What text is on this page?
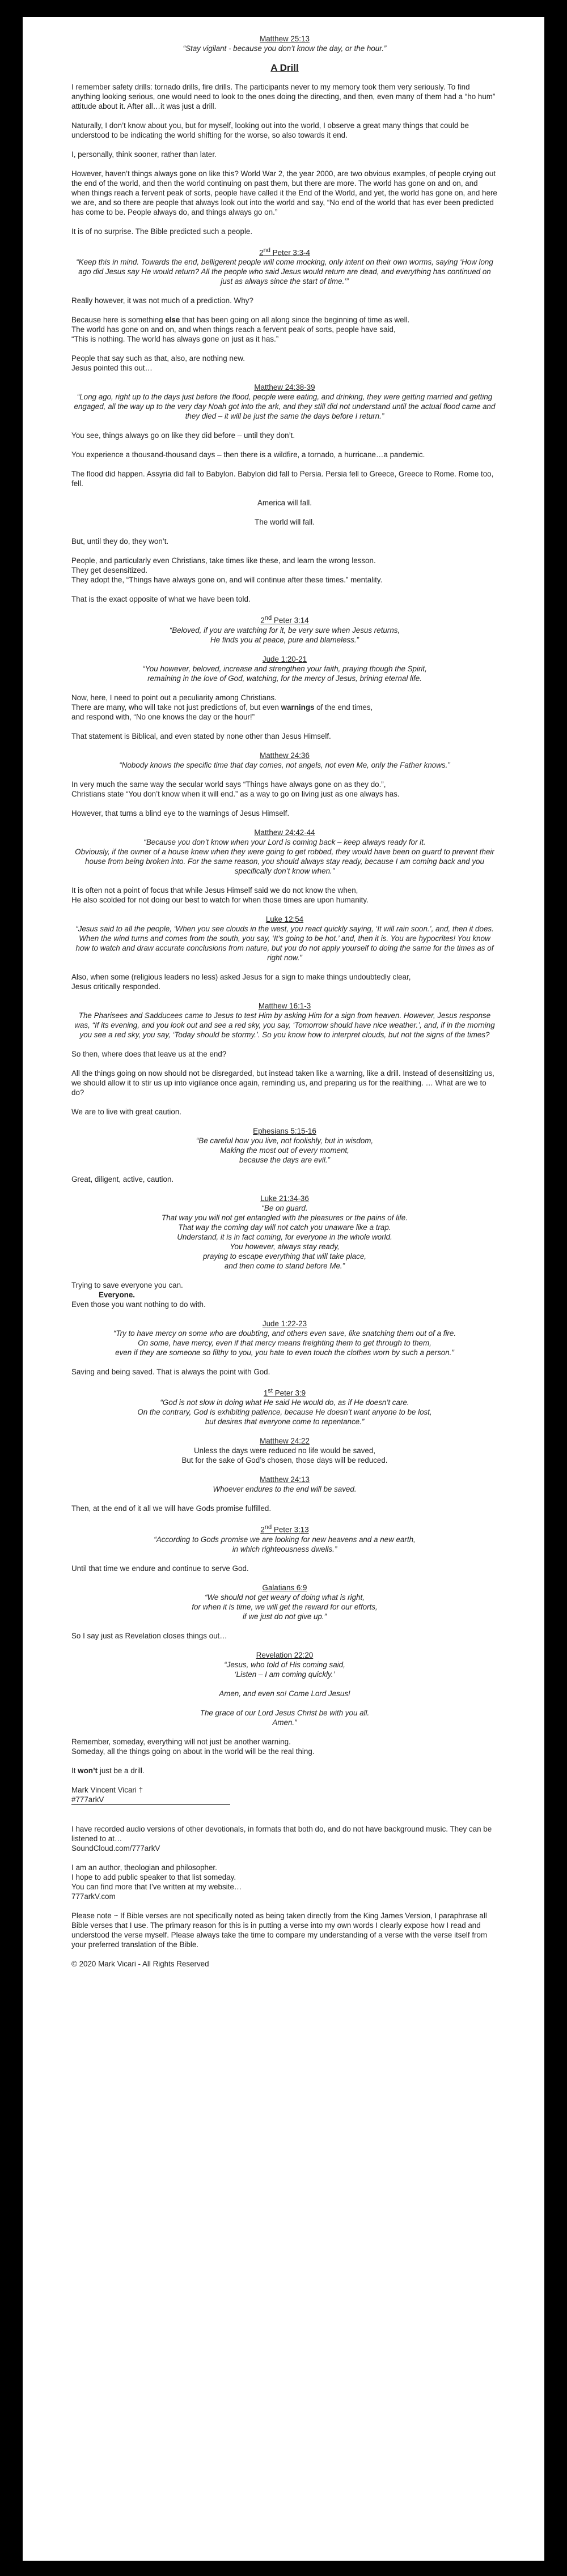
Matthew 25:13

“Stay vigilant - because you don’t know the day, or the hour.”

A Drill

I remember safety drills: tornado drills, fire drills. The participants never to my memory took them very seriously. To find anything looking serious, one would need to look to the ones doing the directing, and then, even many of them had a “ho hum” attitude about it. After all…it was just a drill.

Naturally, I don’t know about you, but for myself, looking out into the world, I observe a great many things that could be understood to be indicating the world shifting for the worse, so also towards it end.

I, personally, think sooner, rather than later.

However, haven’t things always gone on like this? World War 2, the year 2000, are two obvious examples, of people crying out the end of the world, and then the world continuing on past them, but there are more. The world has gone on and on, and when things reach a fervent peak of sorts, people have called it the End of the World, and yet, the world has gone on, and here we are, and so there are people that always look out into the world and say, “No end of the world that has ever been predicted has come to be. People always do, and things always go on.”

It is of no surprise. The Bible predicted such a people.

2nd Peter 3:3-4

“Keep this in mind. Towards the end, belligerent people will come mocking, only intent on their own worms, saying ‘How long ago did Jesus say He would return? All the people who said Jesus would return are dead, and everything has continued on just as always since the start of time.’”

Really however, it was not much of a prediction. Why?

Because here is something else that has been going on all along since the beginning of time as well.

The world has gone on and on, and when things reach a fervent peak of sorts, people have said,

“This is nothing. The world has always gone on just as it has.”

People that say such as that, also, are nothing new.

Jesus pointed this out…

Matthew 24:38-39

“Long ago, right up to the days just before the flood, people were eating, and drinking, they were getting married and getting engaged, all the way up to the very day Noah got into the ark, and they still did not understand until the actual flood came and they died – it will be just the same the days before I return.”

You see, things always go on like they did before – until they don’t.

You experience a thousand-thousand days – then there is a wildfire, a tornado, a hurricane…a pandemic.

The flood did happen. Assyria did fall to Babylon. Babylon did fall to Persia. Persia fell to Greece, Greece to Rome. Rome too, fell.

America will fall.

The world will fall.

But, until they do, they won’t.

People, and particularly even Christians, take times like these, and learn the wrong lesson.

They get desensitized.

They adopt the, “Things have always gone on, and will continue after these times.” mentality.

That is the exact opposite of what we have been told.

2nd Peter 3:14

“Beloved, if you are watching for it, be very sure when Jesus returns,

He finds you at peace, pure and blameless.”

Jude 1:20-21

“You however, beloved, increase and strengthen your faith, praying though the Spirit,

remaining in the love of God, watching, for the mercy of Jesus, brining eternal life.

Now, here, I need to point out a peculiarity among Christians.

There are many, who will take not just predictions of, but even warnings of the end times,

and respond with, “No one knows the day or the hour!”

That statement is Biblical, and even stated by none other than Jesus Himself.

Matthew 24:36

“Nobody knows the specific time that day comes, not angels, not even Me, only the Father knows.”

In very much the same way the secular world says “Things have always gone on as they do.”,

Christians state “You don’t know when it will end.” as a way to go on living just as one always has.

However, that turns a blind eye to the warnings of Jesus Himself.

Matthew 24:42-44

“Because you don’t know when your Lord is coming back – keep always ready for it.

Obviously, if the owner of a house knew when they were going to get robbed, they would have been on guard to prevent their house from being broken into. For the same reason, you should always stay ready, because I am coming back and you specifically don’t know when.”

It is often not a point of focus that while Jesus Himself said we do not know the when,

He also scolded for not doing our best to watch for when those times are upon humanity.

Luke 12:54

“Jesus said to all the people, ‘When you see clouds in the west, you react quickly saying, ‘It will rain soon.’, and, then it does. When the wind turns and comes from the south, you say, ‘It’s going to be hot.’ and, then it is. You are hypocrites! You know how to watch and draw accurate conclusions from nature, but you do not apply yourself to doing the same for the times as of right now.”

Also, when some (religious leaders no less) asked Jesus for a sign to make things undoubtedly clear,

Jesus critically responded.

Matthew 16:1-3

The Pharisees and Sadducees came to Jesus to test Him by asking Him for a sign from heaven. However, Jesus response was, “If its evening, and you look out and see a red sky, you say, ‘Tomorrow should have nice weather.’, and, if in the morning you see a red sky, you say, ‘Today should be stormy.’. So you know how to interpret clouds, but not the signs of the times?

So then, where does that leave us at the end?

All the things going on now should not be disregarded, but instead taken like a warning, like a drill. Instead of desensitizing us, we should allow it to stir us up into vigilance once again, reminding us, and preparing us for the realthing. … What are we to do?

We are to live with great caution.

Ephesians 5:15-16

“Be careful how you live, not foolishly, but in wisdom,

Making the most out of every moment,

because the days are evil.”

Great, diligent, active, caution.

Luke 21:34-36

“Be on guard.

That way you will not get entangled with the pleasures or the pains of life.

That way the coming day will not catch you unaware like a trap.

Understand, it is in fact coming, for everyone in the whole world.

You however, always stay ready,

praying to escape everything that will take place,

and then come to stand before Me.”

Trying to save everyone you can.

Everyone.

Even those you want nothing to do with.

Jude 1:22-23

“Try to have mercy on some who are doubting, and others even save, like snatching them out of a fire.

On some, have mercy, even if that mercy means freighting them to get through to them,

even if they are someone so filthy to you, you hate to even touch the clothes worn by such a person.”

Saving and being saved. That is always the point with God.

1st Peter 3:9

“God is not slow in doing what He said He would do, as if He doesn’t care.

On the contrary, God is exhibiting patience, because He doesn’t want anyone to be lost,

but desires that everyone come to repentance.”

Matthew 24:22

Unless the days were reduced no life would be saved,

But for the sake of God’s chosen, those days will be reduced.

Matthew 24:13

Whoever endures to the end will be saved.

Then, at the end of it all we will have Gods promise fulfilled.

2nd Peter 3:13

“According to Gods promise we are looking for new heavens and a new earth,

in which righteousness dwells.”

Until that time we endure and continue to serve God.

Galatians 6:9

“We should not get weary of doing what is right,

for when it is time, we will get the reward for our efforts,

if we just do not give up.”

So I say just as Revelation closes things out…

Revelation 22:20

“Jesus, who told of His coming said,

‘Listen – I am coming quickly.’

Amen, and even so! Come Lord Jesus!

The grace of our Lord Jesus Christ be with you all.

Amen.”

Remember, someday, everything will not just be another warning.

Someday, all the things going on about in the world will be the real thing.

It won’t just be a drill.

Mark Vincent Vicari †

#777arkV

I have recorded audio versions of other devotionals, in formats that both do, and do not have background music. They can be listened to at…

SoundCloud.com/777arkV

I am an author, theologian and philosopher.

I hope to add public speaker to that list someday.

You can find more that I’ve written at my website…

777arkV.com

Please note ~ If Bible verses are not specifically noted as being taken directly from the King James Version, I paraphrase all Bible verses that I use. The primary reason for this is in putting a verse into my own words I clearly expose how I read and understood the verse myself. Please always take the time to compare my understanding of a verse with the verse itself from your preferred translation of the Bible.

© 2020 Mark Vicari - All Rights Reserved
